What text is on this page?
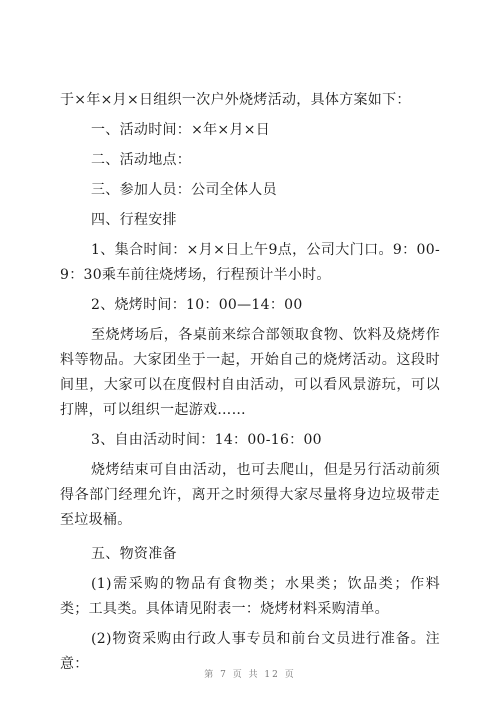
于×年×月×日组织一次户外烧烤活动，具体方案如下：

一、活动时间：×年×月×日

二、活动地点：

三、参加人员：公司全体人员

四、行程安排

1、集合时间：×月×日上午9点，公司大门口。9：00-9：30乘车前往烧烤场，行程预计半小时。

2、烧烤时间：10：00—14：00

至烧烤场后，各桌前来综合部领取食物、饮料及烧烤作料等物品。大家团坐于一起，开始自己的烧烤活动。这段时间里，大家可以在度假村自由活动，可以看风景游玩，可以打牌，可以组织一起游戏……

3、自由活动时间：14：00-16：00

烧烤结束可自由活动，也可去爬山，但是另行活动前须得各部门经理允许，离开之时须得大家尽量将身边垃圾带走至垃圾桶。

五、物资准备

(1)需采购的物品有食物类；水果类；饮品类；作料类；工具类。具体请见附表一：烧烤材料采购清单。

(2)物资采购由行政人事专员和前台文员进行准备。注意：

第 7 页 共 12 页
